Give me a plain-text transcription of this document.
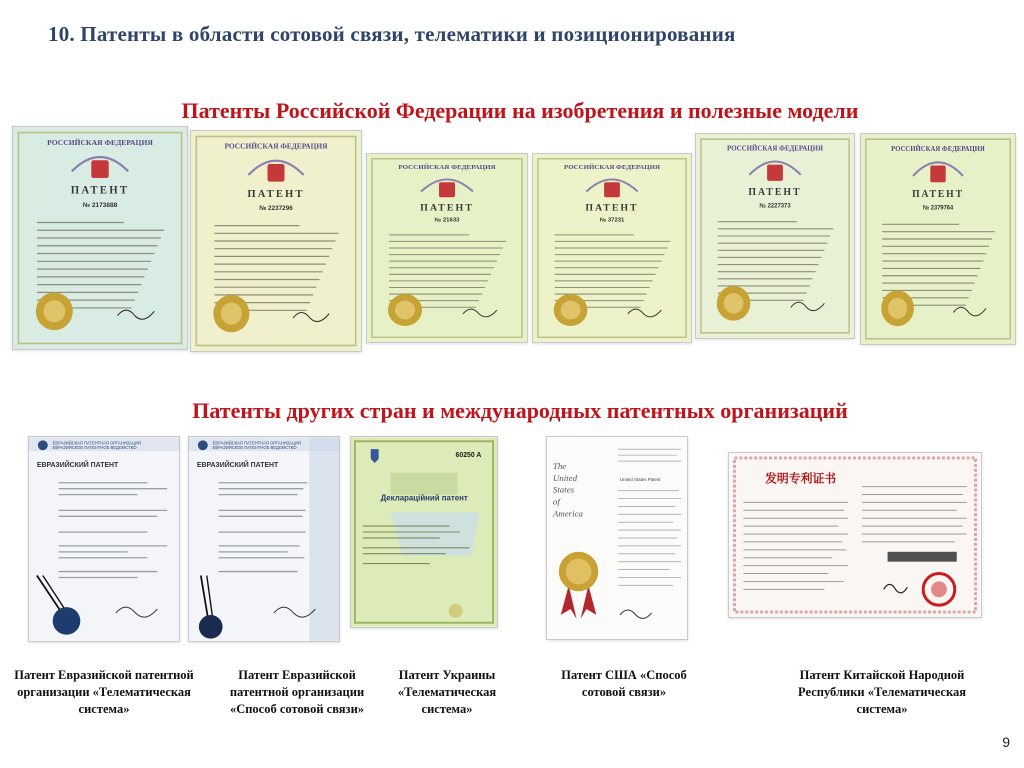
10. Патенты в области сотовой связи, телематики и позиционирования
Патенты Российской Федерации на изобретения и полезные модели
Патенты других стран и международных патентных организаций
РОССИЙСКАЯ ФЕДЕРАЦИЯ
ПАТЕНТ
№ 2173888
РОССИЙСКАЯ ФЕДЕРАЦИЯ
ПАТЕНТ
№ 2237296
РОССИЙСКАЯ ФЕДЕРАЦИЯ
ПАТЕНТ
№ 21633
РОССИЙСКАЯ ФЕДЕРАЦИЯ
ПАТЕНТ
№ 37231
РОССИЙСКАЯ ФЕДЕРАЦИЯ
ПАТЕНТ
№ 2227373
РОССИЙСКАЯ ФЕДЕРАЦИЯ
ПАТЕНТ
№ 2379764
ЕВРАЗИЙСКАЯ ПАТЕНТНАЯ ОРГАНИЗАЦИЯ
ЕВРАЗИЙСКОЕ ПАТЕНТНОЕ ВЕДОМСТВО
ЕВРАЗИЙСКИЙ ПАТЕНТ
ЕВРАЗИЙСКАЯ ПАТЕНТНАЯ ОРГАНИЗАЦИЯ
ЕВРАЗИЙСКОЕ ПАТЕНТНОЕ ВЕДОМСТВО
ЕВРАЗИЙСКИЙ ПАТЕНТ
60250 A
Деклараційний патент
The
United
States
of
America
United States Patent	发明专利证书
Патент Евразийской патентной организации «Телематическая система»
Патент Евразийской патентной организации «Способ сотовой связи»
Патент Украины «Телематическая система»
Патент США «Способ сотовой связи»
Патент Китайской Народной Республики «Телематическая система»
9
